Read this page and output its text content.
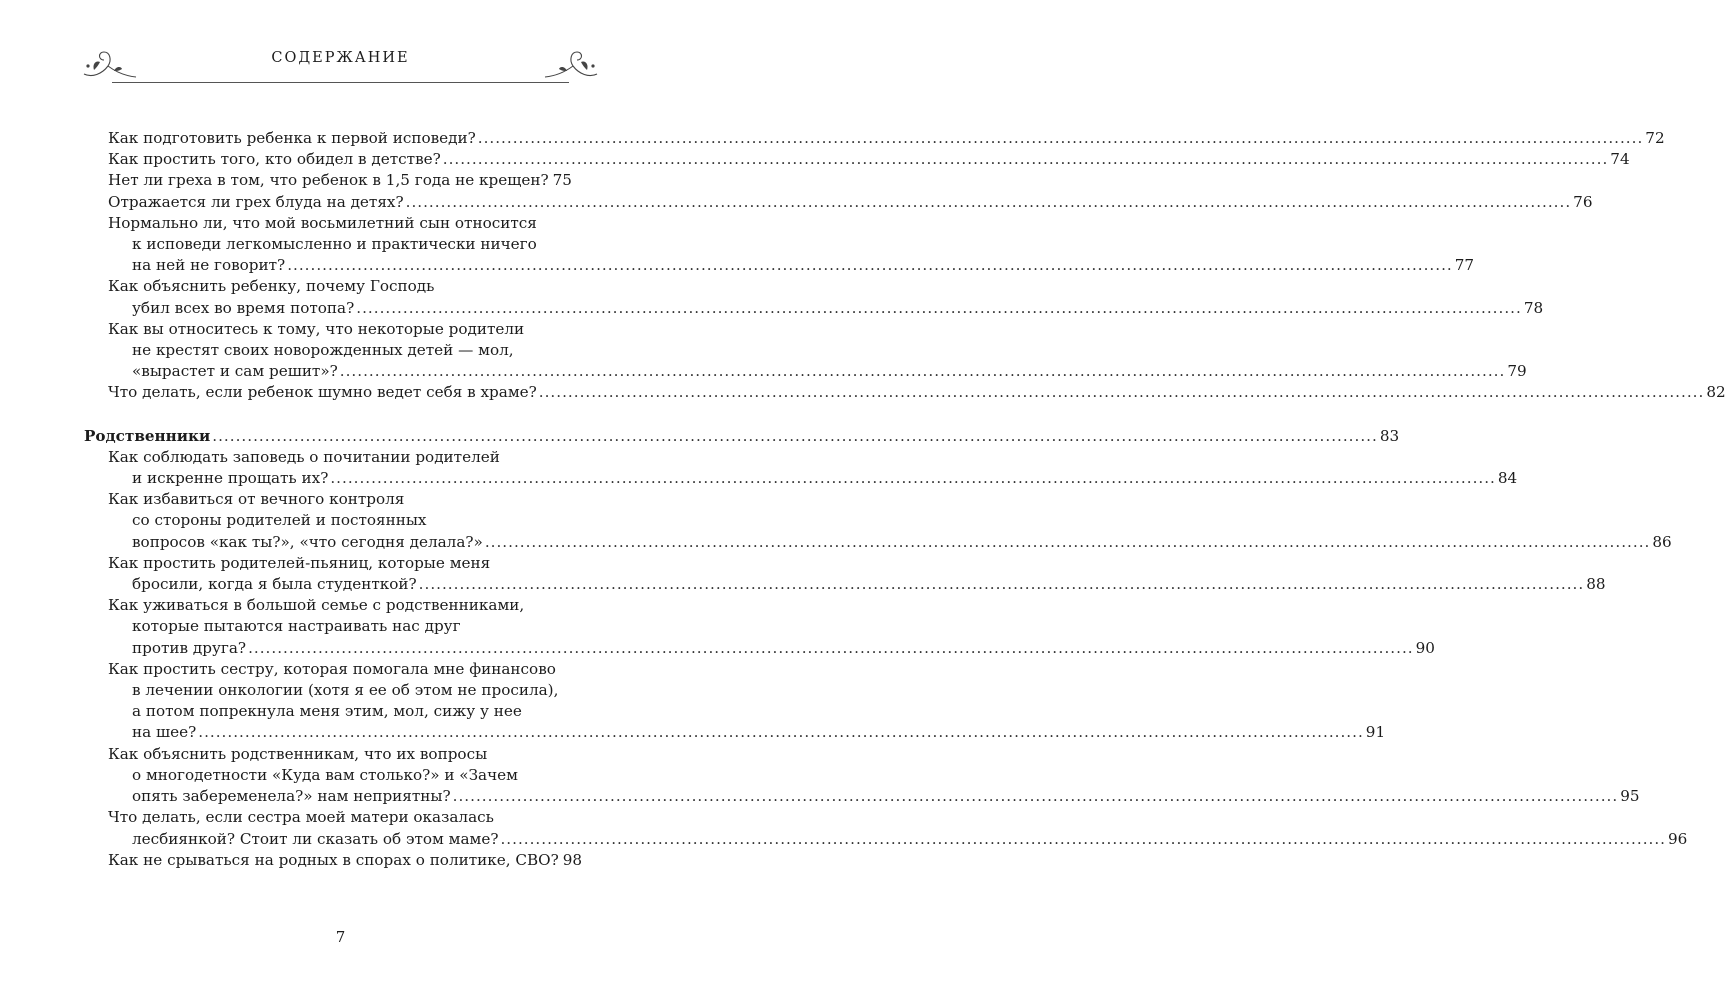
СОДЕРЖАНИЕ
Как подготовить ребенка к первой исповеди? ........................................................................................................................................................................................................ 72
Как простить того, кто обидел в детстве? ........................................................................................................................................................................................................ 74
Нет ли греха в том, что ребенок в 1,5 года не крещен? 75
Отражается ли грех блуда на детях? ........................................................................................................................................................................................................ 76
Нормально ли, что мой восьмилетний сын относится
к исповеди легкомысленно и практически ничего
на ней не говорит? ........................................................................................................................................................................................................ 77
Как объяснить ребенку, почему Господь
убил всех во время потопа? ........................................................................................................................................................................................................ 78
Как вы относитесь к тому, что некоторые родители
не крестят своих новорожденных детей — мол,
«вырастет и сам решит»? ........................................................................................................................................................................................................ 79
Что делать, если ребенок шумно ведет себя в храме? ........................................................................................................................................................................................................ 82
Родственники ........................................................................................................................................................................................................ 83
Как соблюдать заповедь о почитании родителей
и искренне прощать их? ........................................................................................................................................................................................................ 84
Как избавиться от вечного контроля
со стороны родителей и постоянных
вопросов «как ты?», «что сегодня делала?» ........................................................................................................................................................................................................ 86
Как простить родителей-пьяниц, которые меня
бросили, когда я была студенткой? ........................................................................................................................................................................................................ 88
Как уживаться в большой семье с родственниками,
которые пытаются настраивать нас друг
против друга? ........................................................................................................................................................................................................ 90
Как простить сестру, которая помогала мне финансово
в лечении онкологии (хотя я ее об этом не просила),
а потом попрекнула меня этим, мол, сижу у нее
на шее? ........................................................................................................................................................................................................ 91
Как объяснить родственникам, что их вопросы
о многодетности «Куда вам столько?» и «Зачем
опять забеременела?» нам неприятны? ........................................................................................................................................................................................................ 95
Что делать, если сестра моей матери оказалась
лесбиянкой? Стоит ли сказать об этом маме? ........................................................................................................................................................................................................ 96
Как не срываться на родных в спорах о политике, СВО? 98
7
